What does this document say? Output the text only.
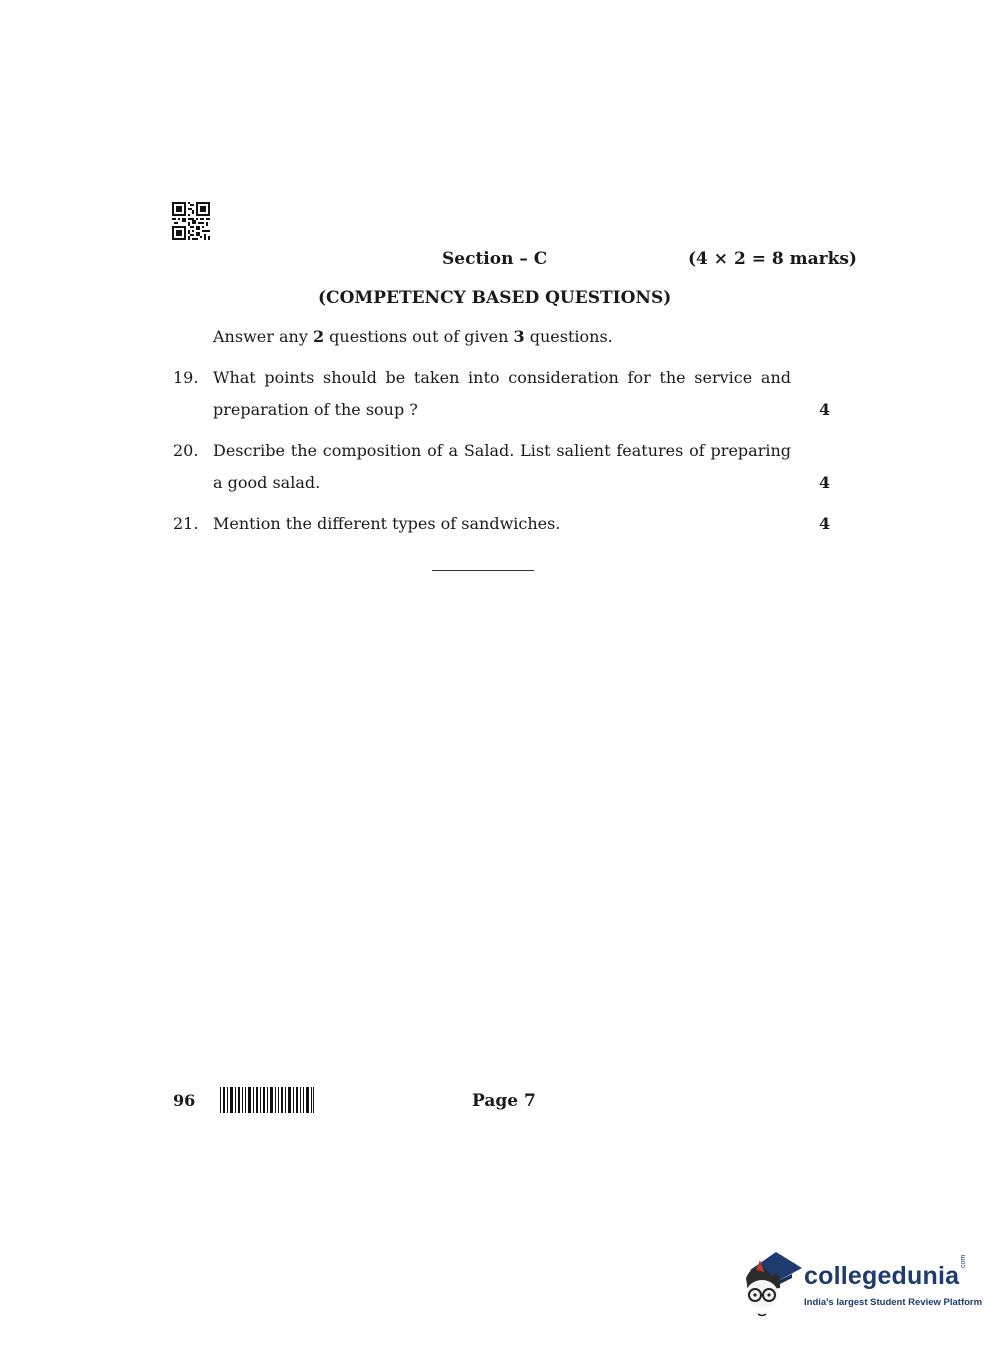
Section – C	(4 × 2 = 8 marks)
(COMPETENCY BASED QUESTIONS)
Answer any 2 questions out of given 3 questions.
19. What points should be taken into consideration for the service and preparation of the soup ?	4
20. Describe the composition of a Salad. List salient features of preparing a good salad.	4
21. Mention the different types of sandwiches.	4
96	Page 7
collegedunia .com
India's largest Student Review Platform
